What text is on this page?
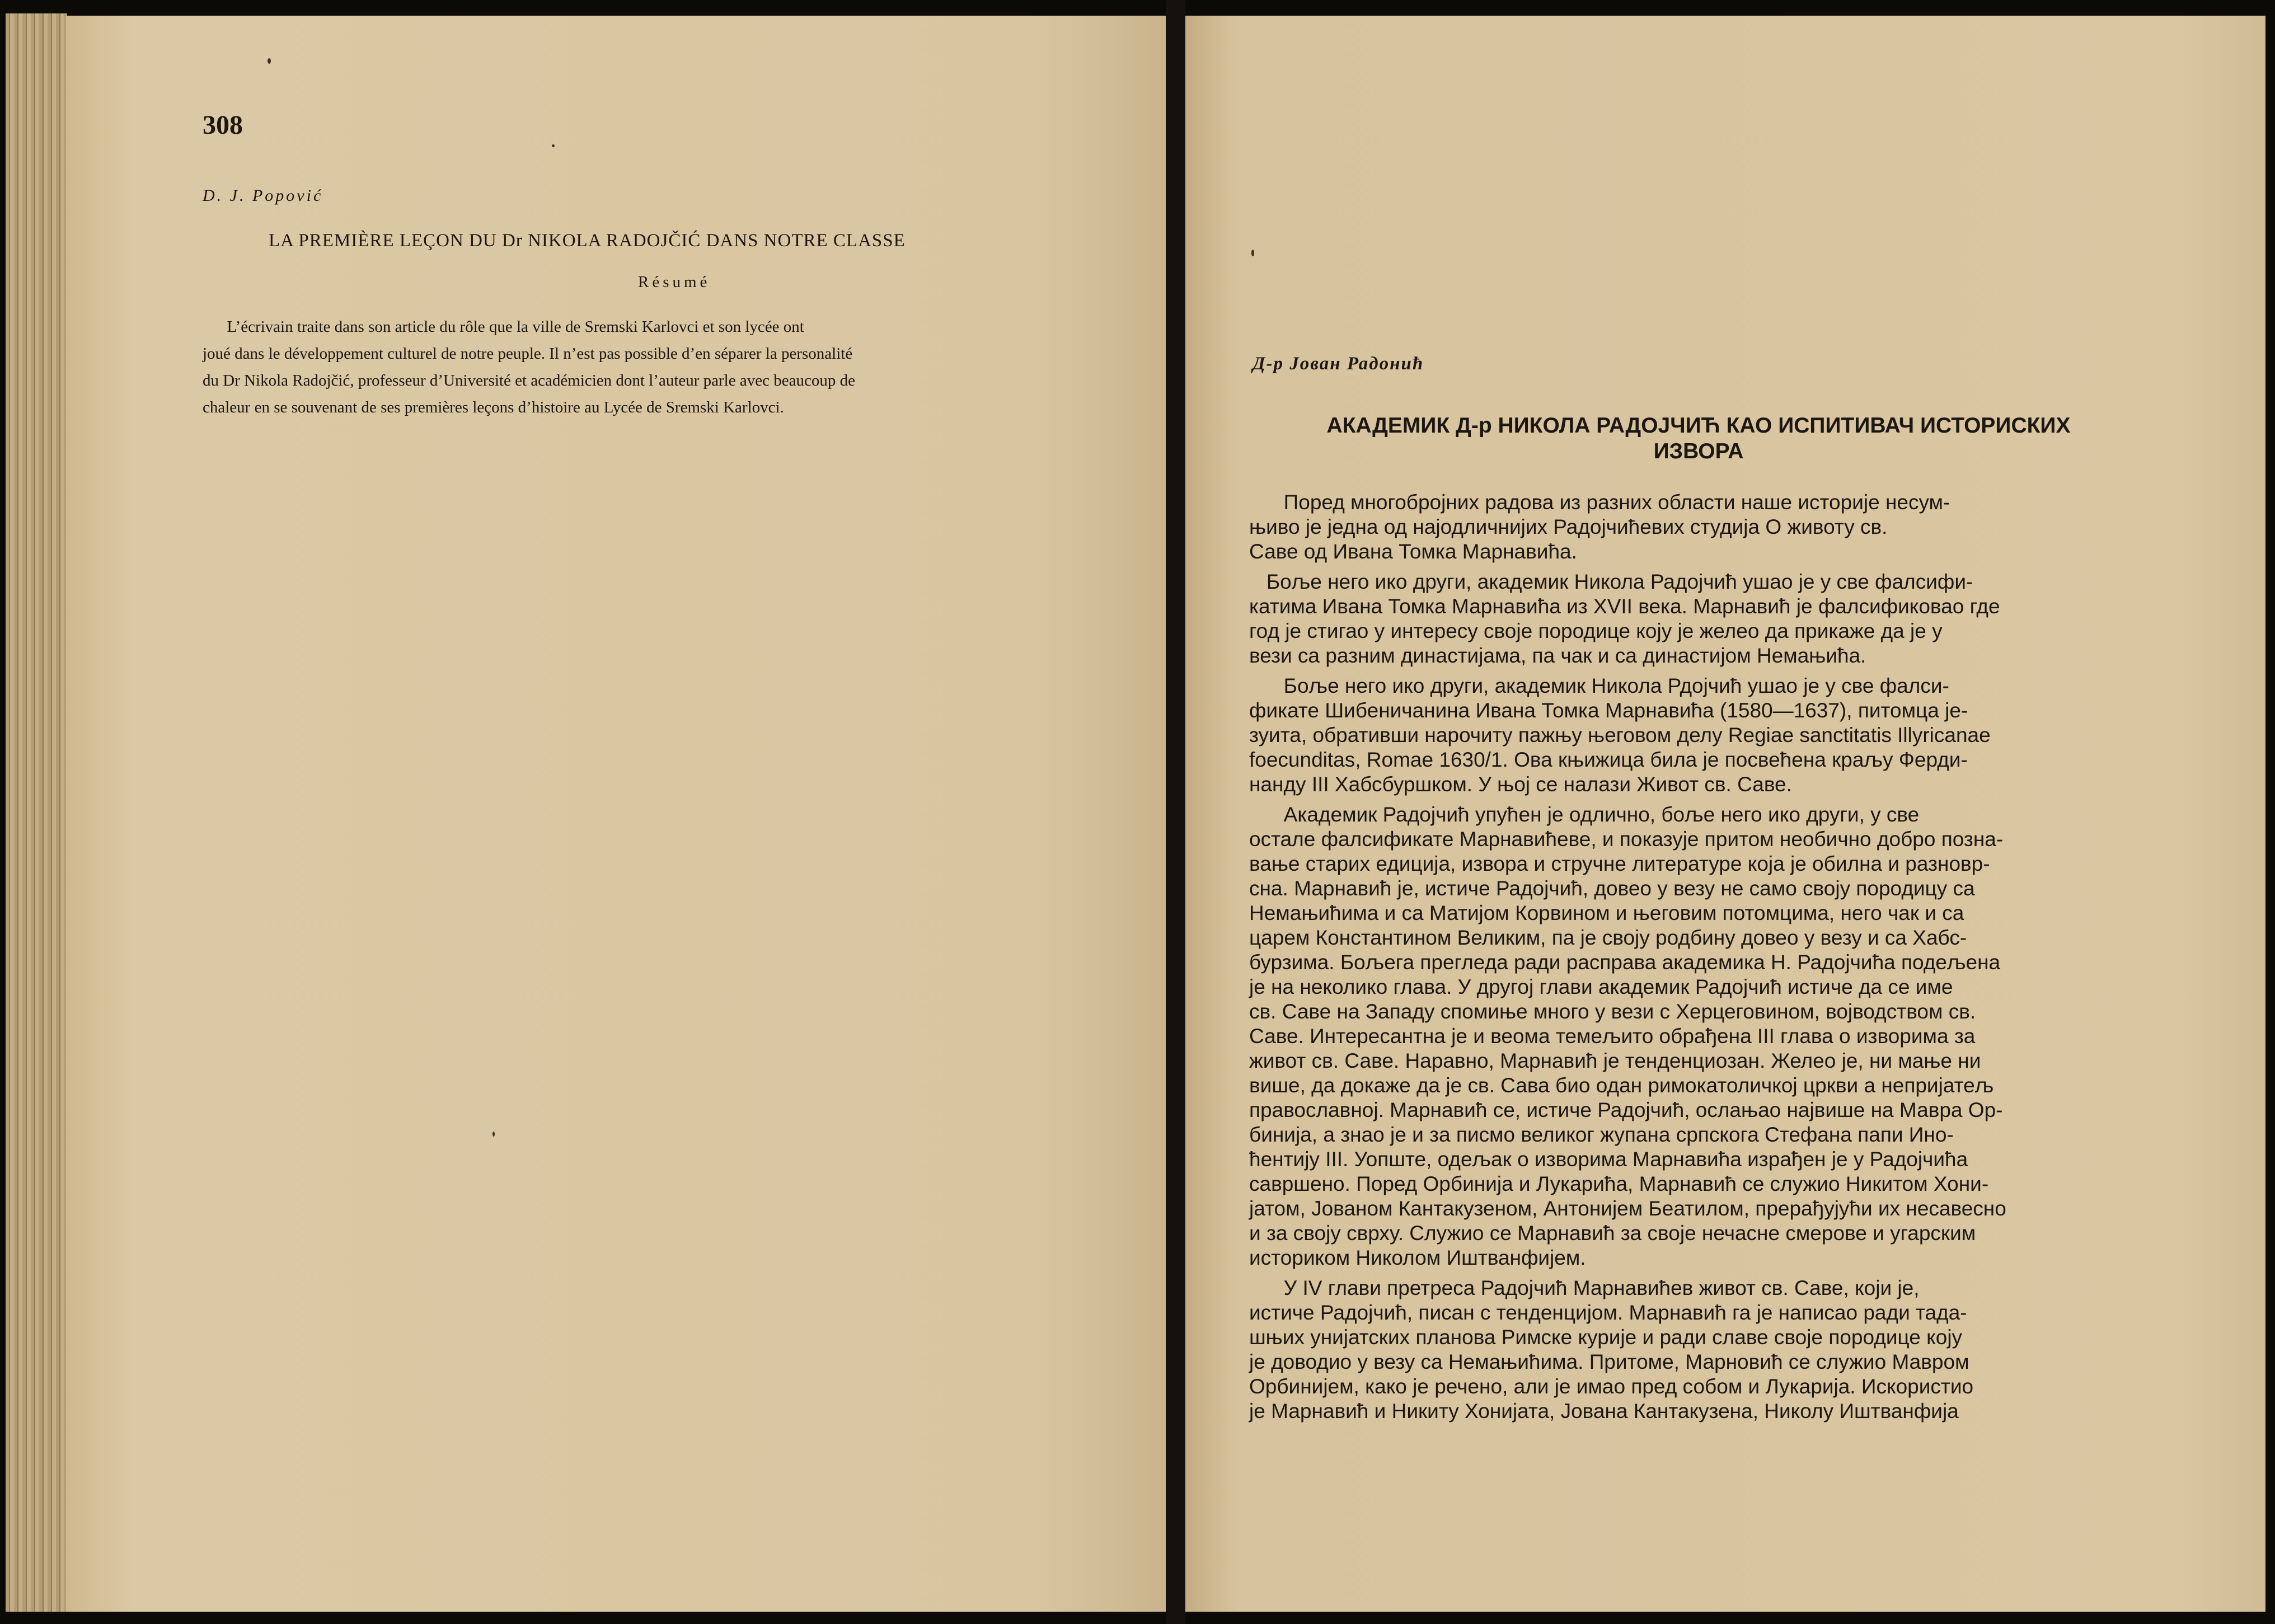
308
D. J. Popović
LA PREMIÈRE LEÇON DU Dr NIKOLA RADOJČIĆ DANS NOTRE CLASSE
Résumé
L’écrivain traite dans son article du rôle que la ville de Sremski Karlovci et son lycée ont
joué dans le développement culturel de notre peuple. Il n’est pas possible d’en séparer la personalité
du Dr Nikola Radojčić, professeur d’Université et académicien dont l’auteur parle avec beaucoup de
chaleur en se souvenant de ses premières leçons d’histoire au Lycée de Sremski Karlovci.
Д-р Јован Радонић
АКАДЕМИК Д-р НИКОЛА РАДОЈЧИЋ КАО ИСПИТИВАЧ ИСТОРИСКИХ
ИЗВОРА
Поред многобројних радова из разних области наше историје несум-
њиво је једна од најодличнијих Радојчићевих студија О животу св.
Саве од Ивана Томка Марнавића.
Боље него ико други, академик Никола Радојчић ушао је у све фалсифи-
катима Ивана Томка Марнавића из XVII века. Марнавић је фалсификовао где
год је стигао у интересу своје породице коју је желео да прикаже да је у
вези са разним династијама, па чак и са династијом Немањића.
Боље него ико други, академик Никола Рдојчић ушао је у све фалси-
фикате Шибеничанина Ивана Томка Марнавића (1580—1637), питомца је-
зуита, обративши нарочиту пажњу његовом делу Regiae sanctitatis Illyricanae
foecunditas, Romae 1630/1. Ова књижица била је посвећена краљу Ферди-
нанду III Хабсбуршком. У њој се налази Живот св. Саве.
Академик Радојчић упућен је одлично, боље него ико други, у све
остале фалсификате Марнавићеве, и показује притом необично добро позна-
вање старих едиција, извора и стручне литературе која је обилна и разновр-
сна. Марнавић је, истиче Радојчић, довео у везу не само своју породицу са
Немањићима и са Матијом Корвином и његовим потомцима, него чак и са
царем Константином Великим, па је своју родбину довео у везу и са Хабс-
бурзима. Бољега прегледа ради расправа академика Н. Радојчића подељена
је на неколико глава. У другој глави академик Радојчић истиче да се име
св. Саве на Западу спомиње много у вези с Херцеговином, војводством св.
Саве. Интересантна је и веома темељито обрађена III глава о изворима за
живот св. Саве. Наравно, Марнавић је тенденциозан. Желео је, ни мање ни
више, да докаже да је св. Сава био одан римокатоличкој цркви а непријатељ
православној. Марнавић се, истиче Радојчић, ослањао највише на Мавра Ор-
бинија, а знао је и за писмо великог жупана српскога Стефана папи Ино-
ћентију III. Уопште, одељак о изворима Марнавића израђен је у Радојчића
савршено. Поред Орбинија и Лукарића, Марнавић се служио Никитом Хони-
јатом, Јованом Кантакузеном, Антонијем Беатилом, прерађујући их несавесно
и за своју сврху. Служио се Марнавић за своје нечасне смерове и угарским
историком Николом Иштванфијем.
У IV глави претреса Радојчић Марнавићев живот св. Саве, који је,
истиче Радојчић, писан с тенденцијом. Марнавић га је написао ради тада-
шњих унијатских планова Римске курије и ради славе своје породице коју
је доводио у везу са Немањићима. Притоме, Марновић се служио Мавром
Орбинијем, како је речено, али је имао пред собом и Лукарија. Искористио
је Марнавић и Никиту Хонијата, Јована Кантакузена, Николу Иштванфија
